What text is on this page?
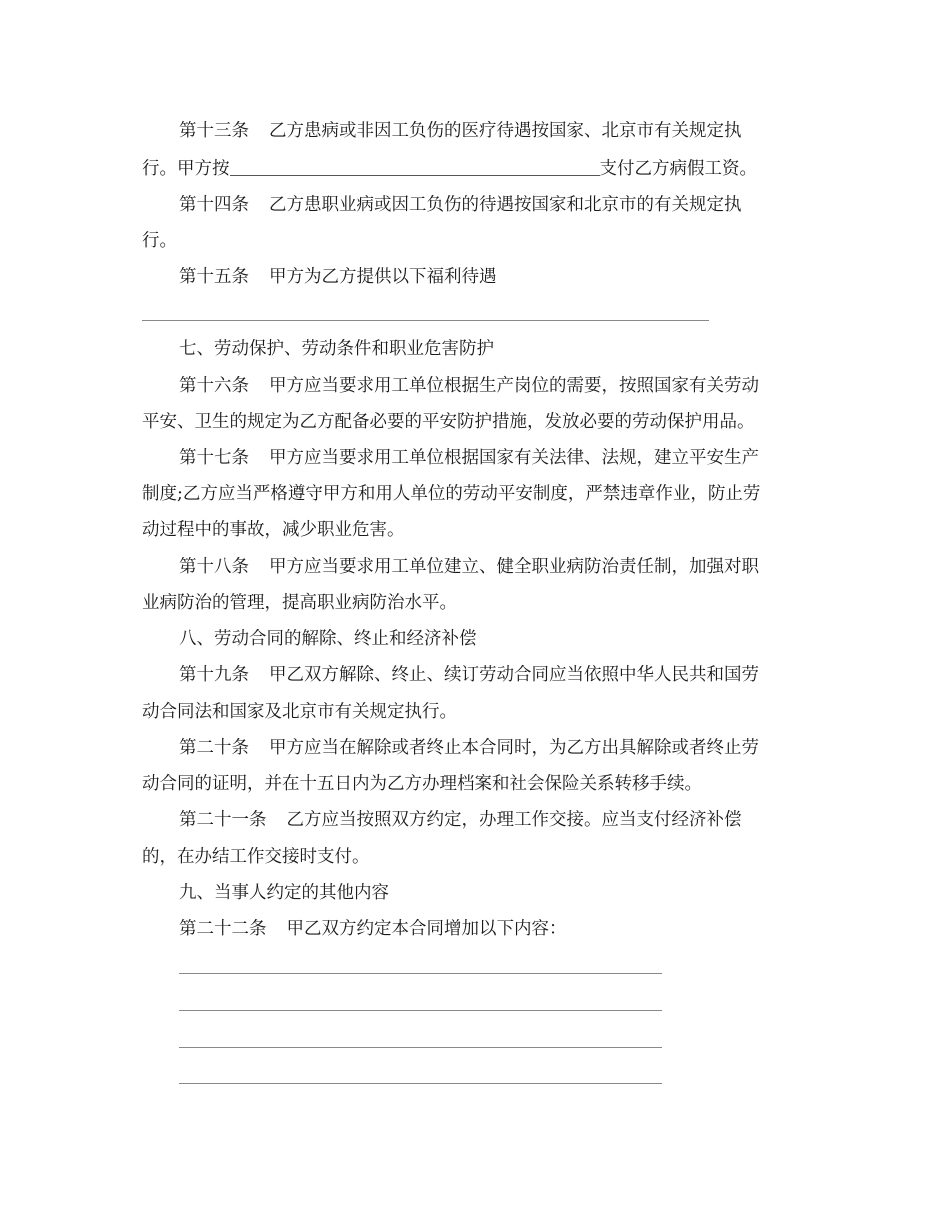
第十三条 乙方患病或非因工负伤的医疗待遇按国家、北京市有关规定执

行。甲方按	支付乙方病假工资。

第十四条 乙方患职业病或因工负伤的待遇按国家和北京市的有关规定执

行。

第十五条 甲方为乙方提供以下福利待遇

七、劳动保护、劳动条件和职业危害防护

第十六条 甲方应当要求用工单位根据生产岗位的需要，按照国家有关劳动

平安、卫生的规定为乙方配备必要的平安防护措施，发放必要的劳动保护用品。

第十七条 甲方应当要求用工单位根据国家有关法律、法规，建立平安生产

制度;乙方应当严格遵守甲方和用人单位的劳动平安制度，严禁违章作业，防止劳

动过程中的事故，减少职业危害。

第十八条 甲方应当要求用工单位建立、健全职业病防治责任制，加强对职

业病防治的管理，提高职业病防治水平。

八、劳动合同的解除、终止和经济补偿

第十九条 甲乙双方解除、终止、续订劳动合同应当依照中华人民共和国劳

动合同法和国家及北京市有关规定执行。

第二十条 甲方应当在解除或者终止本合同时，为乙方出具解除或者终止劳

动合同的证明，并在十五日内为乙方办理档案和社会保险关系转移手续。

第二十一条 乙方应当按照双方约定，办理工作交接。应当支付经济补偿

的，在办结工作交接时支付。

九、当事人约定的其他内容

第二十二条 甲乙双方约定本合同增加以下内容：
